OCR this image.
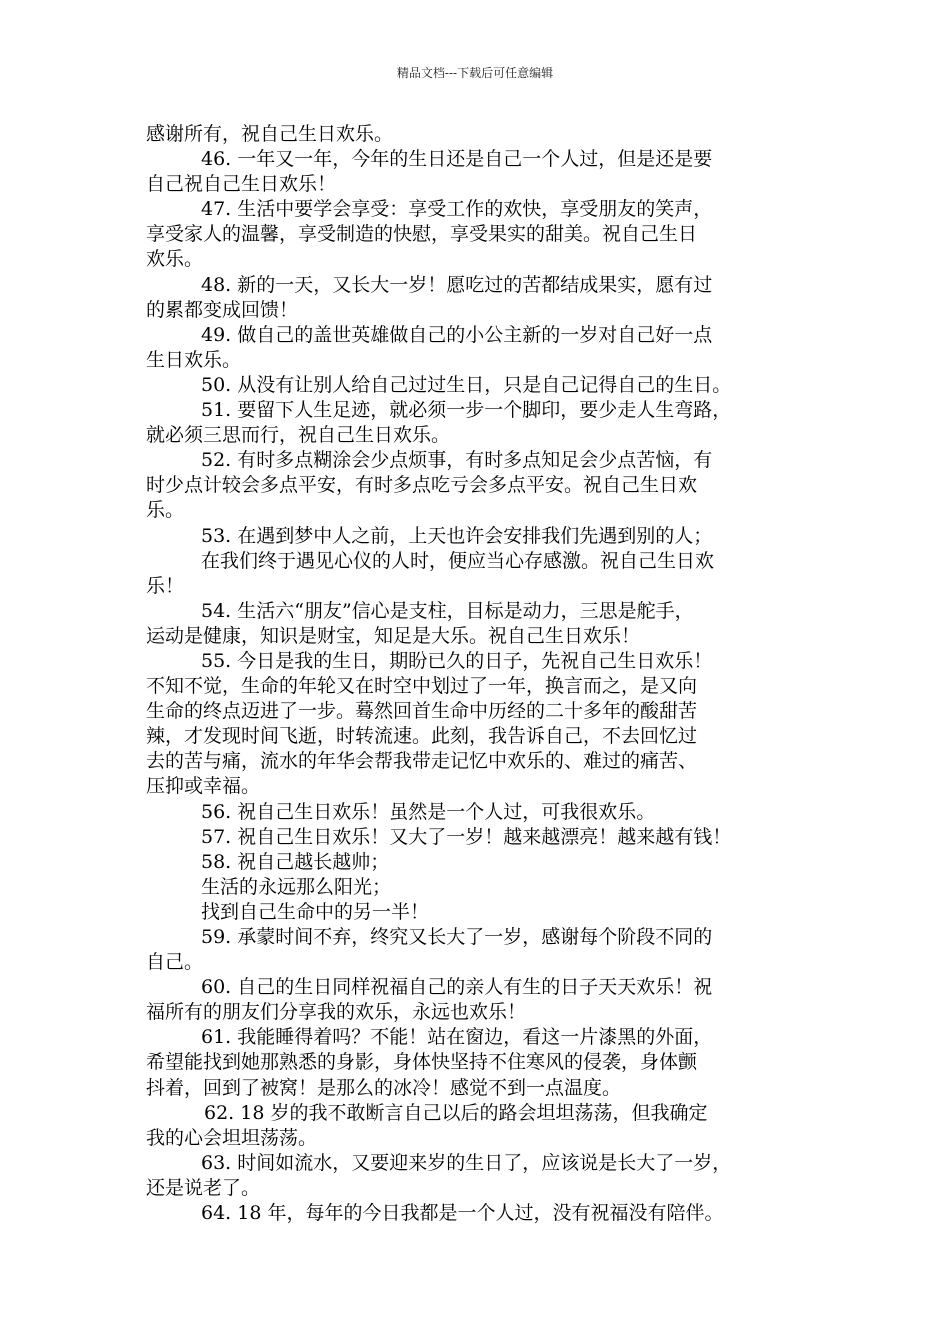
精品文档---下载后可任意编辑
感谢所有，祝自己生日欢乐。
46. 一年又一年，今年的生日还是自己一个人过，但是还是要
自己祝自己生日欢乐！
47. 生活中要学会享受：享受工作的欢快，享受朋友的笑声，
享受家人的温馨，享受制造的快慰，享受果实的甜美。祝自己生日
欢乐。
48. 新的一天，又长大一岁！愿吃过的苦都结成果实，愿有过
的累都变成回馈！
49. 做自己的盖世英雄做自己的小公主新的一岁对自己好一点
生日欢乐。
50. 从没有让别人给自己过过生日，只是自己记得自己的生日。
51. 要留下人生足迹，就必须一步一个脚印，要少走人生弯路，
就必须三思而行，祝自己生日欢乐。
52. 有时多点糊涂会少点烦事，有时多点知足会少点苦恼，有
时少点计较会多点平安，有时多点吃亏会多点平安。祝自己生日欢
乐。
53. 在遇到梦中人之前，上天也许会安排我们先遇到别的人；
在我们终于遇见心仪的人时，便应当心存感激。祝自己生日欢
乐！
54. 生活六“朋友”信心是支柱，目标是动力，三思是舵手，
运动是健康，知识是财宝，知足是大乐。祝自己生日欢乐！
55. 今日是我的生日，期盼已久的日子，先祝自己生日欢乐！
不知不觉，生命的年轮又在时空中划过了一年，换言而之，是又向
生命的终点迈进了一步。蓦然回首生命中历经的二十多年的酸甜苦
辣，才发现时间飞逝，时转流速。此刻，我告诉自己，不去回忆过
去的苦与痛，流水的年华会帮我带走记忆中欢乐的、难过的痛苦、
压抑或幸福。
56. 祝自己生日欢乐！虽然是一个人过，可我很欢乐。
57. 祝自己生日欢乐！又大了一岁！越来越漂亮！越来越有钱！
58. 祝自己越长越帅；
生活的永远那么阳光；
找到自己生命中的另一半！
59. 承蒙时间不弃，终究又长大了一岁，感谢每个阶段不同的
自己。
60. 自己的生日同样祝福自己的亲人有生的日子天天欢乐！祝
福所有的朋友们分享我的欢乐，永远也欢乐！
61. 我能睡得着吗？不能！站在窗边，看这一片漆黑的外面，
希望能找到她那熟悉的身影，身体快坚持不住寒风的侵袭，身体颤
抖着，回到了被窝！是那么的冰冷！感觉不到一点温度。
62. 18 岁的我不敢断言自己以后的路会坦坦荡荡，但我确定
我的心会坦坦荡荡。
63. 时间如流水，又要迎来岁的生日了，应该说是长大了一岁，
还是说老了。
64. 18 年，每年的今日我都是一个人过，没有祝福没有陪伴。
